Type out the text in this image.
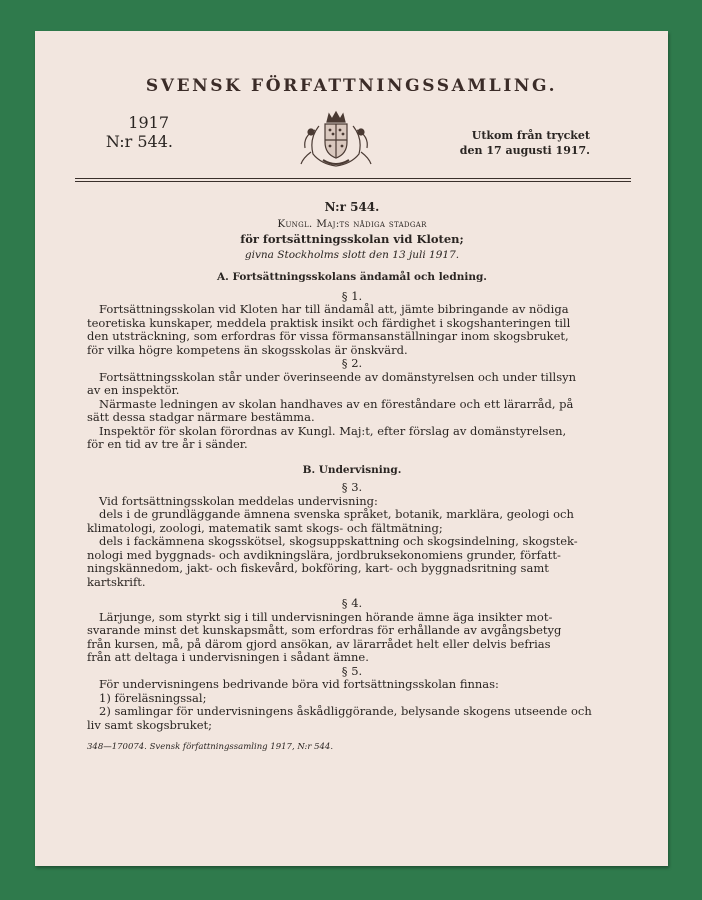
SVENSK FÖRFATTNINGSSAMLING.
1917
N:r 544.	Utkom från trycket
den 17 augusti 1917.
N:r 544.
Kungl. Maj:ts nådiga stadgar
för fortsättningsskolan vid Kloten;
givna Stockholms slott den 13 juli 1917.
A. Fortsättningsskolans ändamål och ledning.
§ 1.
Fortsättningsskolan vid Kloten har till ändamål att, jämte bibringande av nödiga
teoretiska kunskaper, meddela praktisk insikt och färdighet i skogshanteringen till
den utsträckning, som erfordras för vissa förmansanställningar inom skogsbruket,
för vilka högre kompetens än skogsskolas är önskvärd.
§ 2.
Fortsättningsskolan står under överinseende av domänstyrelsen och under tillsyn
av en inspektör.
Närmaste ledningen av skolan handhaves av en föreståndare och ett lärarråd, på
sätt dessa stadgar närmare bestämma.
Inspektör för skolan förordnas av Kungl. Maj:t, efter förslag av domänstyrelsen,
för en tid av tre år i sänder.
B. Undervisning.
§ 3.
Vid fortsättningsskolan meddelas undervisning:
dels i de grundläggande ämnena svenska språket, botanik, marklära, geologi och
klimatologi, zoologi, matematik samt skogs- och fältmätning;
dels i fackämnena skogsskötsel, skogsuppskattning och skogsindelning, skogstek-
nologi med byggnads- och avdikningslära, jordbruksekonomiens grunder, författ-
ningskännedom, jakt- och fiskevård, bokföring, kart- och byggnadsritning samt
kartskrift.
§ 4.
Lärjunge, som styrkt sig i till undervisningen hörande ämne äga insikter mot-
svarande minst det kunskapsmått, som erfordras för erhållande av avgångsbetyg
från kursen, må, på därom gjord ansökan, av lärarrådet helt eller delvis befrias
från att deltaga i undervisningen i sådant ämne.
§ 5.
För undervisningens bedrivande böra vid fortsättningsskolan finnas:
1) föreläsningssal;
2) samlingar för undervisningens åskådliggörande, belysande skogens utseende och
liv samt skogsbruket;
348—170074. Svensk författningssamling 1917, N:r 544.
